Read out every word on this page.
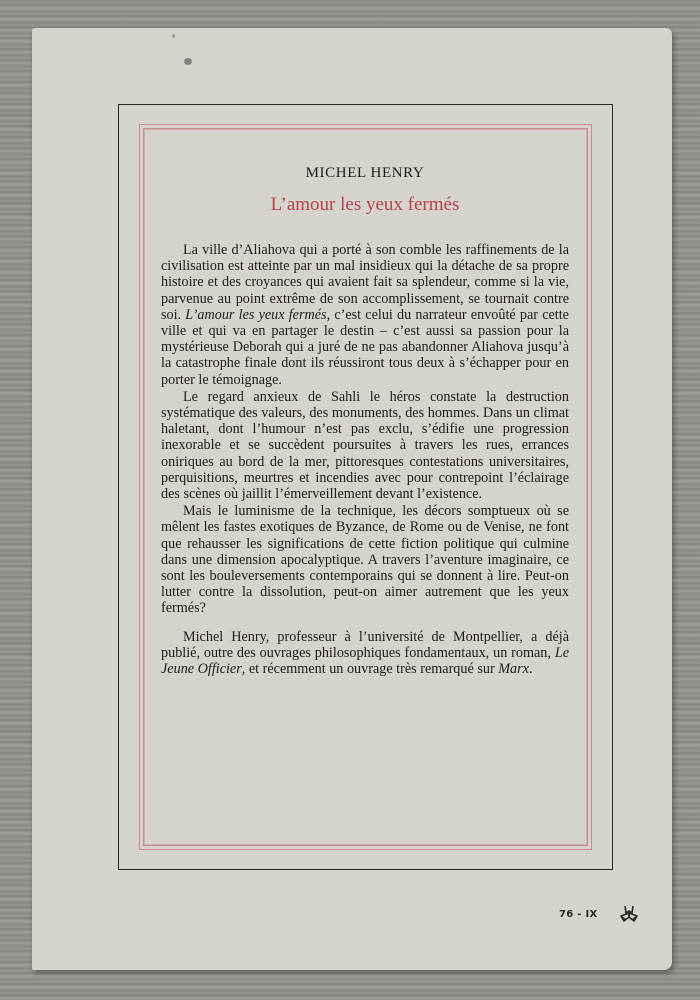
MICHEL HENRY
L’amour les yeux fermés

La ville d’Aliahova qui a porté à son comble les raffinements de la civilisation est atteinte par un mal insidieux qui la détache de sa propre histoire et des croyances qui avaient fait sa splendeur, comme si la vie, parvenue au point extrême de son accomplissement, se tournait contre soi. L’amour les yeux fermés, c’est celui du narrateur envoûté par cette ville et qui va en partager le destin – c’est aussi sa passion pour la mystérieuse Deborah qui a juré de ne pas abandonner Aliahova jusqu’à la catastrophe finale dont ils réussiront tous deux à s’échapper pour en porter le témoignage.

Le regard anxieux de Sahli le héros constate la destruction systématique des valeurs, des monuments, des hommes. Dans un climat haletant, dont l’humour n’est pas exclu, s’édifie une progression inexorable et se succèdent poursuites à travers les rues, errances oniriques au bord de la mer, pittoresques contestations universitaires, perquisitions, meurtres et incendies avec pour contrepoint l’éclairage des scènes où jaillit l’émerveillement devant l’existence.

Mais le luminisme de la technique, les décors somptueux où se mêlent les fastes exotiques de Byzance, de Rome ou de Venise, ne font que rehausser les significations de cette fiction politique qui culmine dans une dimension apocalyptique. A travers l’aventure imaginaire, ce sont les bouleversements contemporains qui se donnent à lire. Peut-on lutter contre la dissolution, peut-on aimer autrement que les yeux fermés?

Michel Henry, professeur à l’université de Montpellier, a déjà publié, outre des ouvrages philosophiques fondamentaux, un roman, Le Jeune Officier, et récemment un ouvrage très remarqué sur Marx.

76 - IX
